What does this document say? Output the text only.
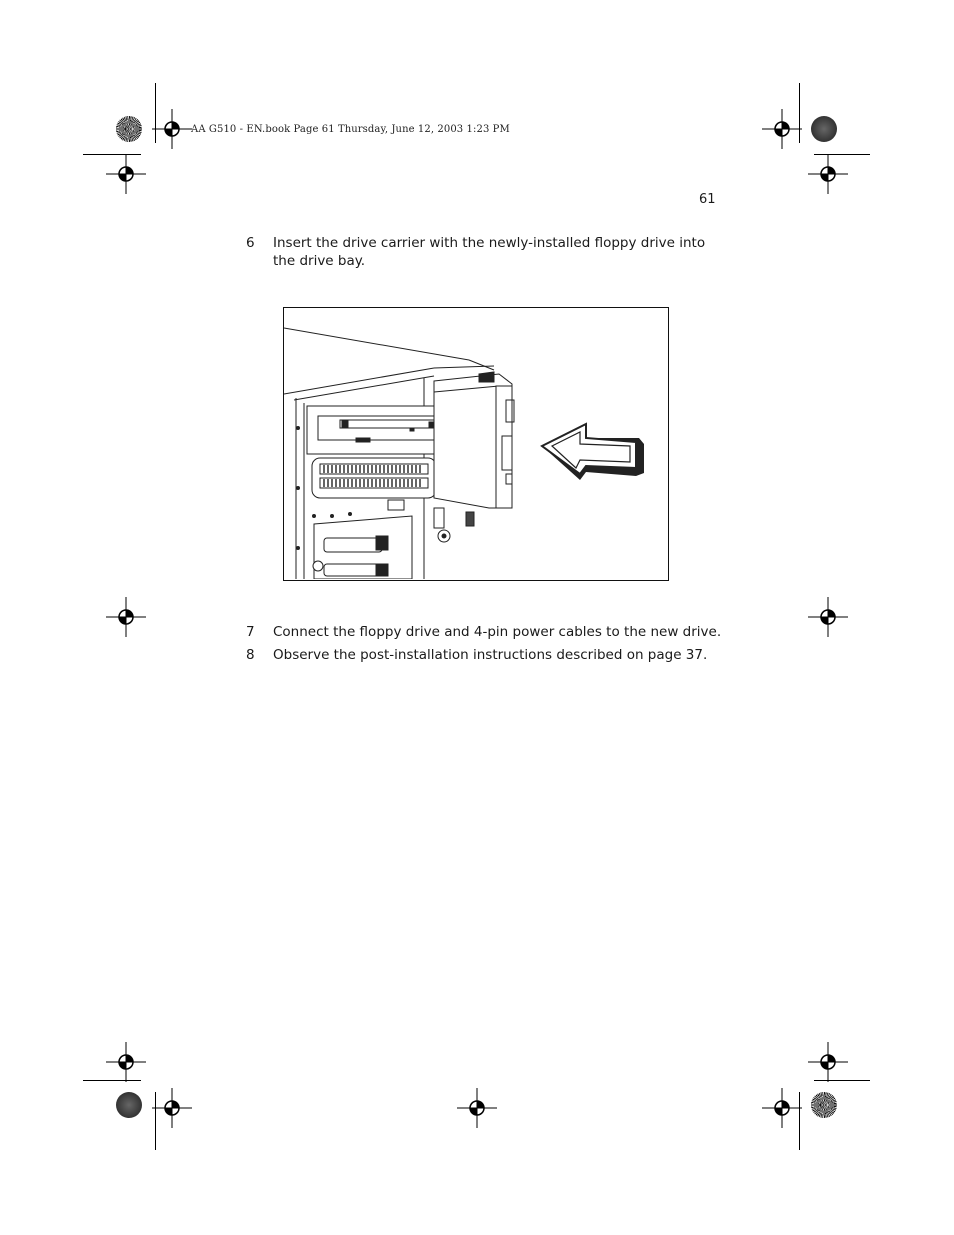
AA G510 - EN.book Page 61 Thursday, June 12, 2003 1:23 PM
61
6 Insert the drive carrier with the newly-installed floppy drive into
the drive bay.
7 Connect the floppy drive and 4-pin power cables to the new drive.
8 Observe the post-installation instructions described on page 37.
